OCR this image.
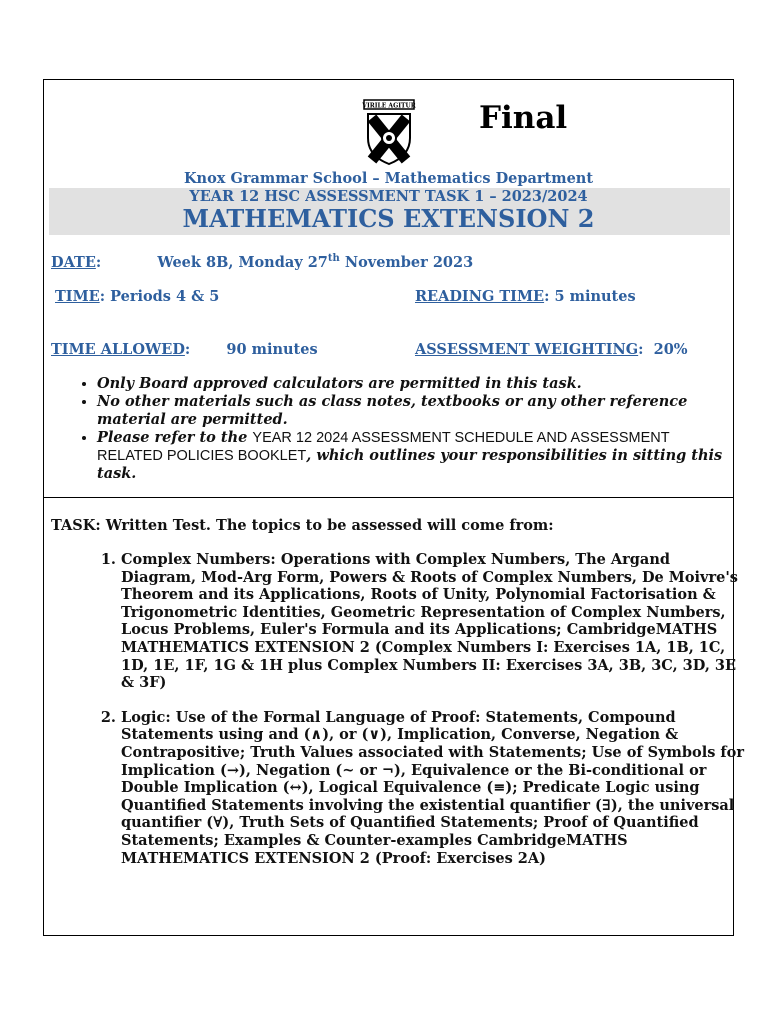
VIRILE AGITUR Final
Knox Grammar School – Mathematics Department
YEAR 12 HSC ASSESSMENT TASK 1 – 2023/2024
MATHEMATICS EXTENSION 2
DATE:	Week 8B, Monday 27th November 2023
TIME: Periods 4 & 5	READING TIME: 5 minutes
TIME ALLOWED: 90 minutes	ASSESSMENT WEIGHTING:  20%
• Only Board approved calculators are permitted in this task.
• No other materials such as class notes, textbooks or any other reference material are permitted.
• Please refer to the YEAR 12 2024 ASSESSMENT SCHEDULE AND ASSESSMENT RELATED POLICIES BOOKLET, which outlines your responsibilities in sitting this task.
TASK: Written Test. The topics to be assessed will come from:
1. Complex Numbers: Operations with Complex Numbers, The Argand Diagram, Mod-Arg Form, Powers & Roots of Complex Numbers, De Moivre's Theorem and its Applications, Roots of Unity, Polynomial Factorisation & Trigonometric Identities, Geometric Representation of Complex Numbers, Locus Problems, Euler's Formula and its Applications; CambridgeMATHS MATHEMATICS EXTENSION 2 (Complex Numbers I: Exercises 1A, 1B, 1C, 1D, 1E, 1F, 1G & 1H plus Complex Numbers II: Exercises 3A, 3B, 3C, 3D, 3E & 3F)
2. Logic: Use of the Formal Language of Proof: Statements, Compound Statements using and (∧), or (∨), Implication, Converse, Negation & Contrapositive; Truth Values associated with Statements; Use of Symbols for Implication (→), Negation (~ or ¬), Equivalence or the Bi-conditional or Double Implication (↔), Logical Equivalence (≡); Predicate Logic using Quantified Statements involving the existential quantifier (∃), the universal quantifier (∀), Truth Sets of Quantified Statements; Proof of Quantified Statements; Examples & Counter-examples CambridgeMATHS MATHEMATICS EXTENSION 2 (Proof: Exercises 2A)
